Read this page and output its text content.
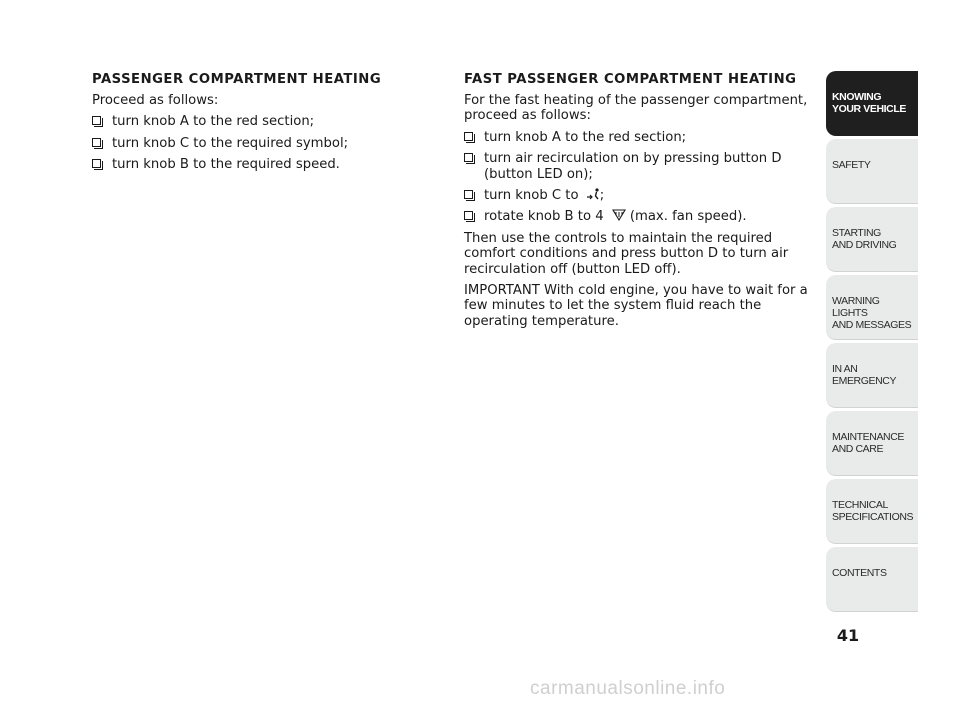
PASSENGER COMPARTMENT HEATING

Proceed as follows:

turn knob A to the red section;
turn knob C to the required symbol;
turn knob B to the required speed.
FAST PASSENGER COMPARTMENT HEATING

For the fast heating of the passenger compartment, proceed as follows:

turn knob A to the red section;
turn air recirculation on by pressing button D (button LED on);
turn knob C to ;
rotate knob B to 4 (max. fan speed).

Then use the controls to maintain the required comfort conditions and press button D to turn air recirculation off (button LED off).

IMPORTANT With cold engine, you have to wait for a few minutes to let the system fluid reach the operating temperature.

KNOWING
YOUR VEHICLE
SAFETY
STARTING
AND DRIVING
WARNING LIGHTS
AND MESSAGES
IN AN
EMERGENCY
MAINTENANCE
AND CARE
TECHNICAL
SPECIFICATIONS
CONTENTS
41
carmanualsonline.info
